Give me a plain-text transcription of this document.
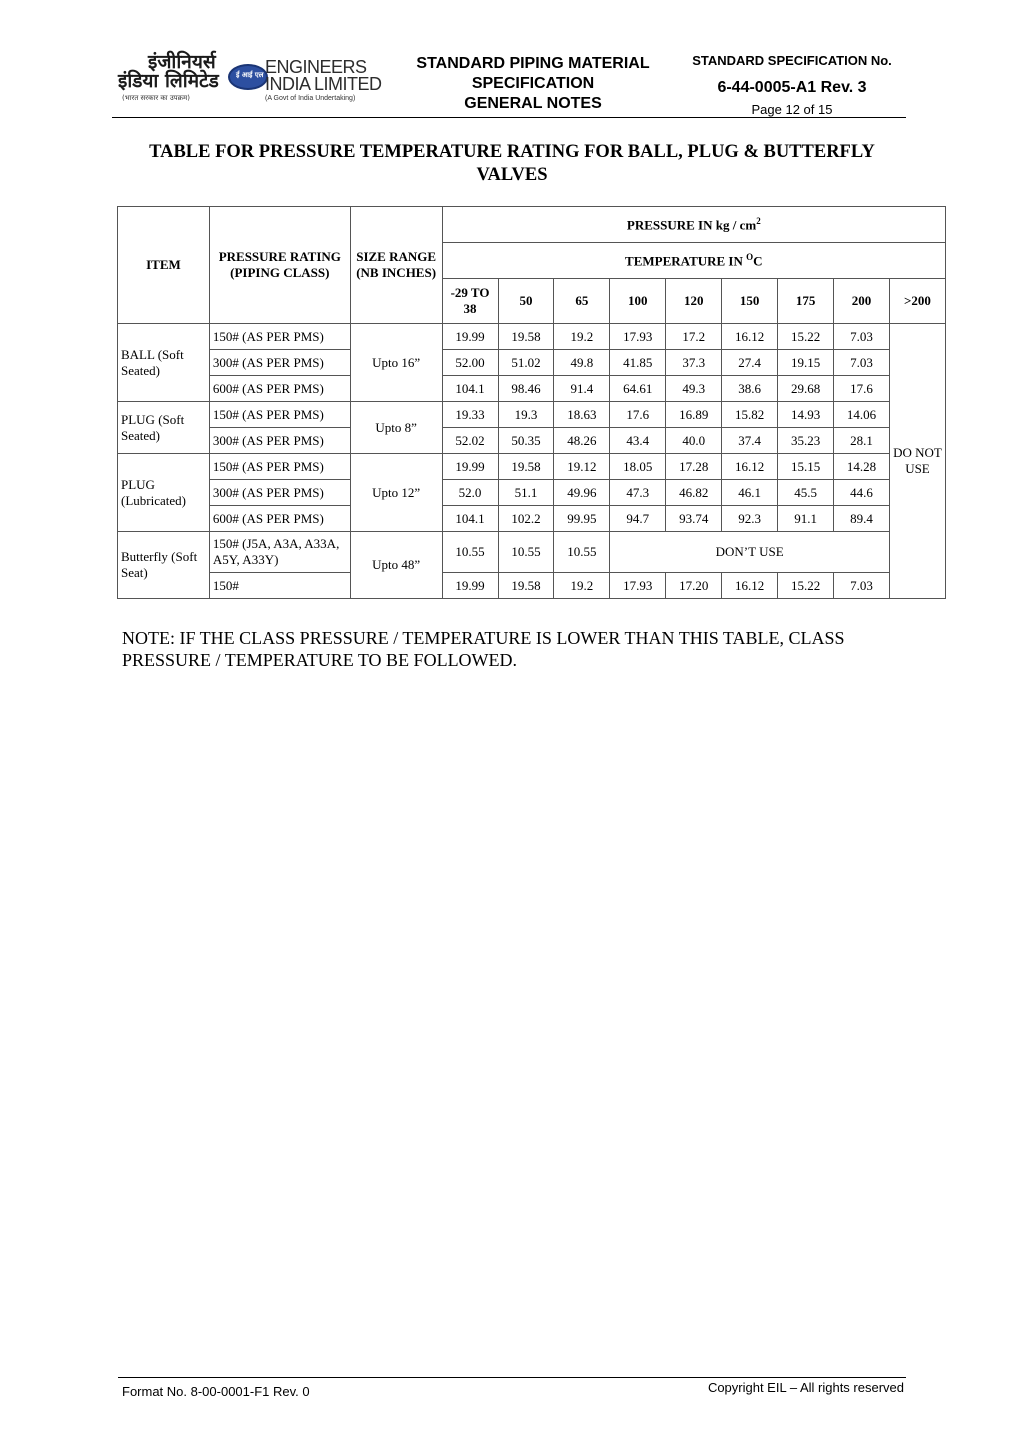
इंजीनियर्स
इंडिया लिमिटेड
(भारत सरकार का उपक्रम)
ई आई एल ENGINEERS
INDIA LIMITED
(A Govt of India Undertaking)
STANDARD PIPING MATERIAL
SPECIFICATION
GENERAL NOTES
STANDARD SPECIFICATION No.
6-44-0005-A1 Rev. 3
Page 12 of 15
TABLE FOR PRESSURE TEMPERATURE RATING FOR BALL, PLUG & BUTTERFLY
VALVES
ITEM	PRESSURE RATING (PIPING CLASS)	SIZE RANGE (NB INCHES)	PRESSURE IN kg / $cm^2$
			TEMPERATURE IN $^O$C								
			-29 TO 38	50	65	100	120	150	175	200	>200
BALL (Soft Seated)	150# (AS PER PMS)	Upto 16”	19.99	19.58	19.2	17.93	17.2	16.12	15.22	7.03	DO NOT USE
	300# (AS PER PMS)		52.00	51.02	49.8	41.85	37.3	27.4	19.15	7.03	
	600# (AS PER PMS)		104.1	98.46	91.4	64.61	49.3	38.6	29.68	17.6	
PLUG (Soft Seated)	150# (AS PER PMS)	Upto 8”	19.33	19.3	18.63	17.6	16.89	15.82	14.93	14.06	
	300# (AS PER PMS)		52.02	50.35	48.26	43.4	40.0	37.4	35.23	28.1	
PLUG (Lubricated)	150# (AS PER PMS)	Upto 12”	19.99	19.58	19.12	18.05	17.28	16.12	15.15	14.28	
	300# (AS PER PMS)		52.0	51.1	49.96	47.3	46.82	46.1	45.5	44.6	
	600# (AS PER PMS)		104.1	102.2	99.95	94.7	93.74	92.3	91.1	89.4	
Butterfly (Soft Seat)	150# (J5A, A3A, A33A, A5Y, A33Y)	Upto 48”	10.55	10.55	10.55	DON’T USE					
	150#		19.99	19.58	19.2	17.93	17.20	16.12	15.22	7.03	
NOTE: IF THE CLASS PRESSURE / TEMPERATURE IS LOWER THAN THIS TABLE, CLASS PRESSURE / TEMPERATURE TO BE FOLLOWED.
Format No. 8-00-0001-F1 Rev. 0	Copyright EIL – All rights reserved
